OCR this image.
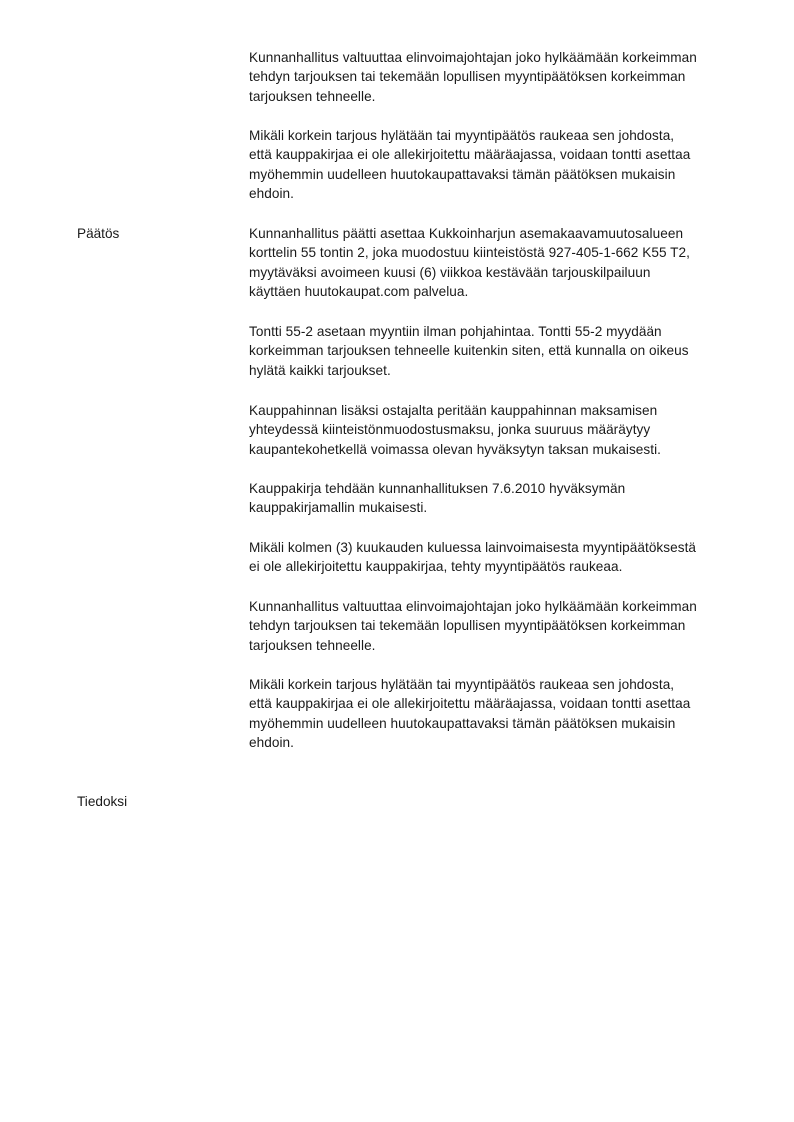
Kunnanhallitus valtuuttaa elinvoimajohtajan joko hylkäämään korkeimman
tehdyn tarjouksen tai tekemään lopullisen myyntipäätöksen korkeimman
tarjouksen tehneelle.
Mikäli korkein tarjous hylätään tai myyntipäätös raukeaa sen johdosta,
että kauppakirjaa ei ole allekirjoitettu määräajassa, voidaan tontti asettaa
myöhemmin uudelleen huutokaupattavaksi tämän päätöksen mukaisin
ehdoin.
Päätös	Kunnanhallitus päätti asettaa Kukkoinharjun asemakaavamuutosalueen
korttelin 55 tontin 2, joka muodostuu kiinteistöstä 927-405-1-662 K55 T2,
myytäväksi avoimeen kuusi (6) viikkoa kestävään tarjouskilpailuun
käyttäen huutokaupat.com palvelua.
Tontti 55-2 asetaan myyntiin ilman pohjahintaa. Tontti 55-2 myydään
korkeimman tarjouksen tehneelle kuitenkin siten, että kunnalla on oikeus
hylätä kaikki tarjoukset.
Kauppahinnan lisäksi ostajalta peritään kauppahinnan maksamisen
yhteydessä kiinteistönmuodostusmaksu, jonka suuruus määräytyy
kaupantekohetkellä voimassa olevan hyväksytyn taksan mukaisesti.
Kauppakirja tehdään kunnanhallituksen 7.6.2010 hyväksymän
kauppakirjamallin mukaisesti.
Mikäli kolmen (3) kuukauden kuluessa lainvoimaisesta myyntipäätöksestä
ei ole allekirjoitettu kauppakirjaa, tehty myyntipäätös raukeaa.
Kunnanhallitus valtuuttaa elinvoimajohtajan joko hylkäämään korkeimman
tehdyn tarjouksen tai tekemään lopullisen myyntipäätöksen korkeimman
tarjouksen tehneelle.
Mikäli korkein tarjous hylätään tai myyntipäätös raukeaa sen johdosta,
että kauppakirjaa ei ole allekirjoitettu määräajassa, voidaan tontti asettaa
myöhemmin uudelleen huutokaupattavaksi tämän päätöksen mukaisin
ehdoin.
Tiedoksi
